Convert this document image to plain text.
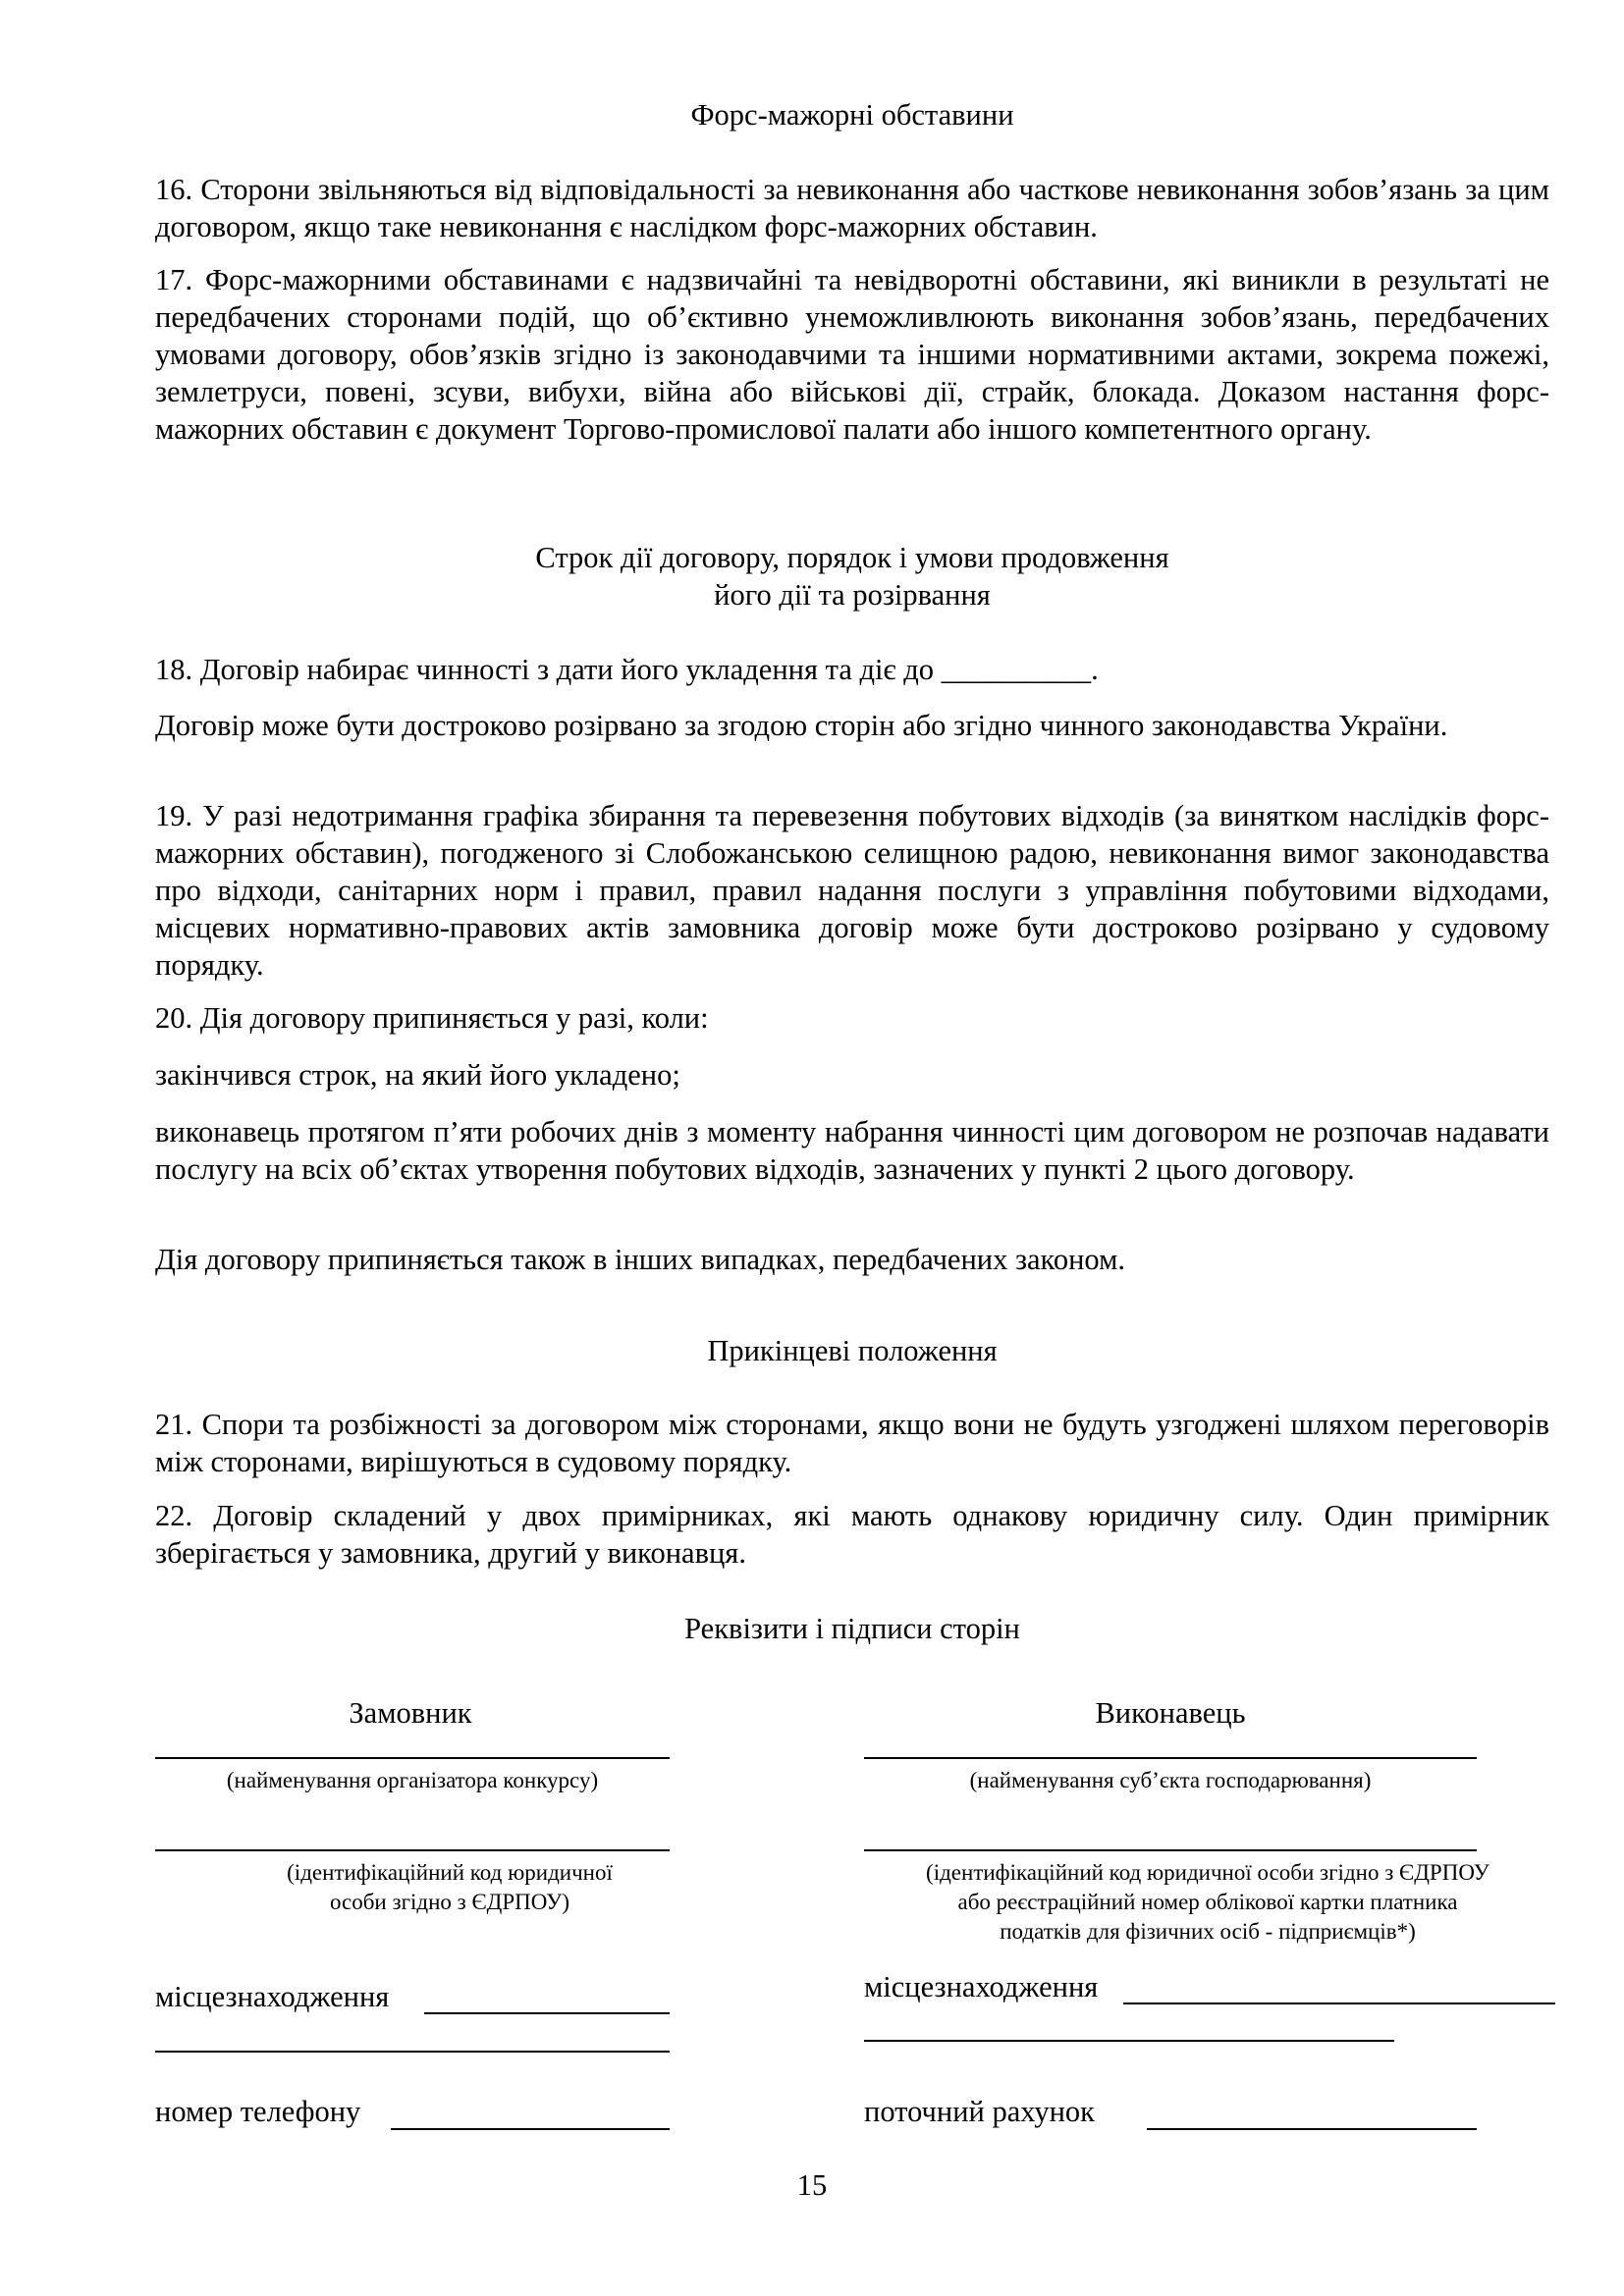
Форс-мажорні обставини
16. Сторони звільняються від відповідальності за невиконання або часткове невиконання зобов’язань за цим договором, якщо таке невиконання є наслідком форс-мажорних обставин.
17. Форс-мажорними обставинами є надзвичайні та невідворотні обставини, які виникли в результаті не передбачених сторонами подій, що об’єктивно унеможливлюють виконання зобов’язань, передбачених умовами договору, обов’язків згідно із законодавчими та іншими нормативними актами, зокрема пожежі, землетруси, повені, зсуви, вибухи, війна або військові дії, страйк, блокада. Доказом настання форс-мажорних обставин є документ Торгово-промислової палати або іншого компетентного органу.
Строк дії договору, порядок і умови продовження
його дії та розірвання
18. Договір набирає чинності з дати його укладення та діє до __________.
Договір може бути достроково розірвано за згодою сторін або згідно чинного законодавства України.
19. У разі недотримання графіка збирання та перевезення побутових відходів (за винятком наслідків форс-мажорних обставин), погодженого зі Слобожанською селищною радою, невиконання вимог законодавства про відходи, санітарних норм і правил, правил надання послуги з управління побутовими відходами, місцевих нормативно-правових актів замовника договір може бути достроково розірвано у судовому порядку.
20. Дія договору припиняється у разі, коли:
закінчився строк, на який його укладено;
виконавець протягом п’яти робочих днів з моменту набрання чинності цим договором не розпочав надавати послугу на всіх об’єктах утворення побутових відходів, зазначених у пункті 2 цього договору.
Дія договору припиняється також в інших випадках, передбачених законом.
Прикінцеві положення
21. Спори та розбіжності за договором між сторонами, якщо вони не будуть узгоджені шляхом переговорів між сторонами, вирішуються в судовому порядку.
22. Договір складений у двох примірниках, які мають однакову юридичну силу. Один примірник зберігається у замовника, другий у виконавця.
Реквізити і підписи сторін
Замовник
(найменування організатора конкурсу)
(ідентифікаційний код юридичної
особи згідно з ЄДРПОУ)
місцезнаходження
номер телефону
Виконавець
(найменування суб’єкта господарювання)
(ідентифікаційний код юридичної особи згідно з ЄДРПОУ
або реєстраційний номер облікової картки платника
податків для фізичних осіб - підприємців*)
місцезнаходження
поточний рахунок
15
